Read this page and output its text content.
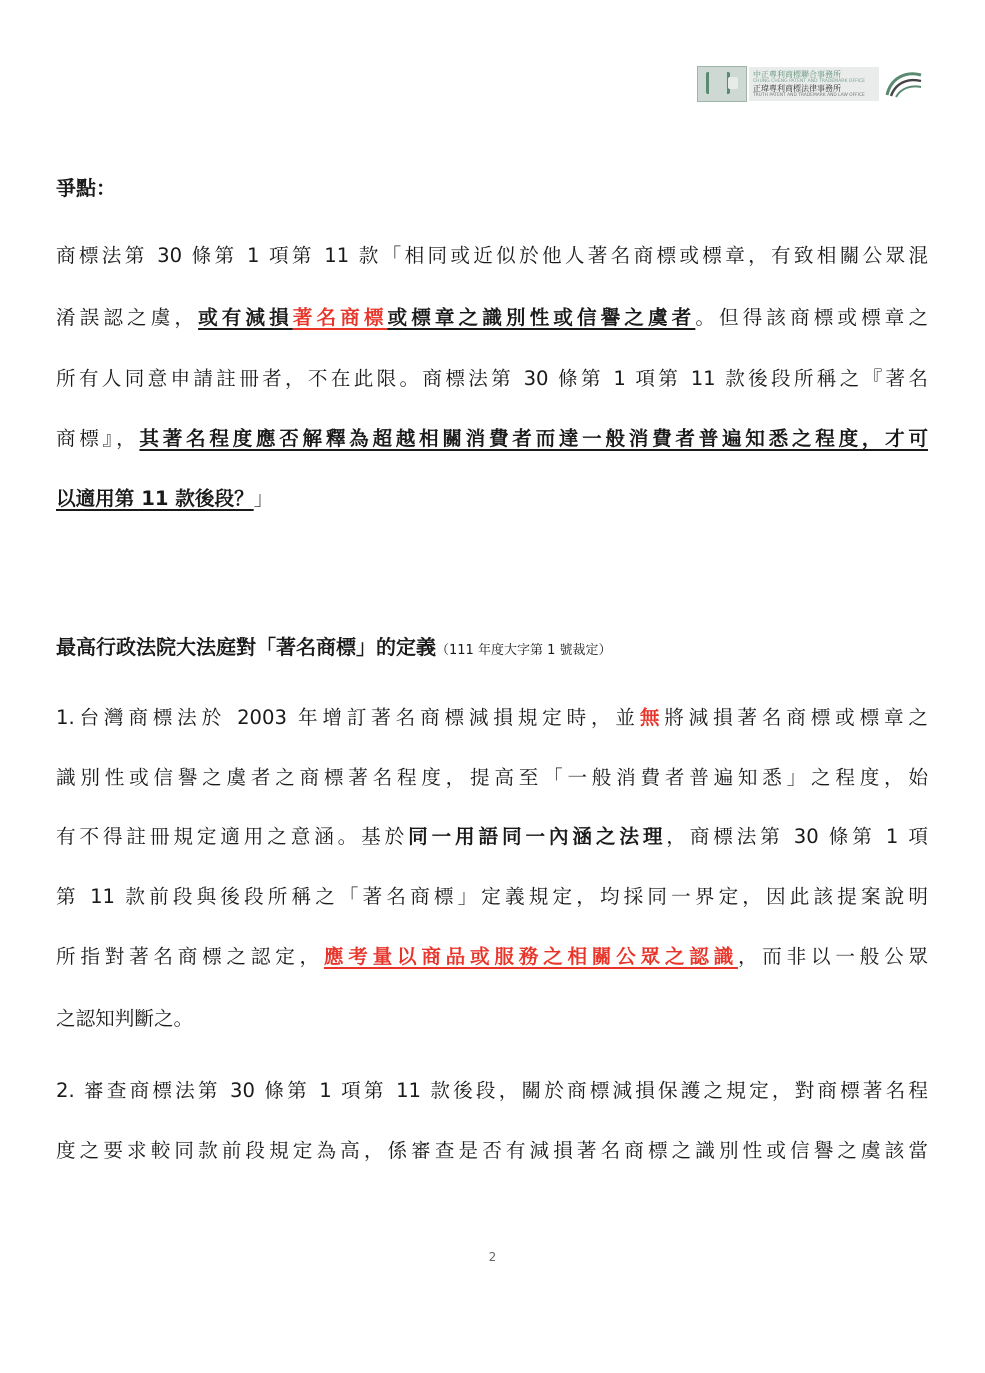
中正專利商標聯合事務所
CHUNG CHENG PATENT AND TRADEMARK OFFICE
正瑋專利商標法律事務所
TRUTH PATENT AND TRADEMARK AND LAW OFFICE
爭點：
商標法第 30 條第 1 項第 11 款「相同或近似於他人著名商標或標章，有致相關公眾混
淆誤認之虞，或有減損著名商標或標章之識別性或信譽之虞者。但得該商標或標章之
所有人同意申請註冊者，不在此限。商標法第 30 條第 1 項第 11 款後段所稱之『著名
商標』，其著名程度應否解釋為超越相關消費者而達一般消費者普遍知悉之程度，才可
以適用第 11 款後段？」
最高行政法院大法庭對「著名商標」的定義（111 年度大字第 1 號裁定）
1.台灣商標法於 2003 年增訂著名商標減損規定時，並無將減損著名商標或標章之
識別性或信譽之虞者之商標著名程度，提高至「一般消費者普遍知悉」之程度，始
有不得註冊規定適用之意涵。基於同一用語同一內涵之法理，商標法第 30 條第 1 項
第 11 款前段與後段所稱之「著名商標」定義規定，均採同一界定，因此該提案說明
所指對著名商標之認定，應考量以商品或服務之相關公眾之認識，而非以一般公眾
之認知判斷之。
2. 審查商標法第 30 條第 1 項第 11 款後段，關於商標減損保護之規定，對商標著名程
度之要求較同款前段規定為高，係審查是否有減損著名商標之識別性或信譽之虞該當
2
